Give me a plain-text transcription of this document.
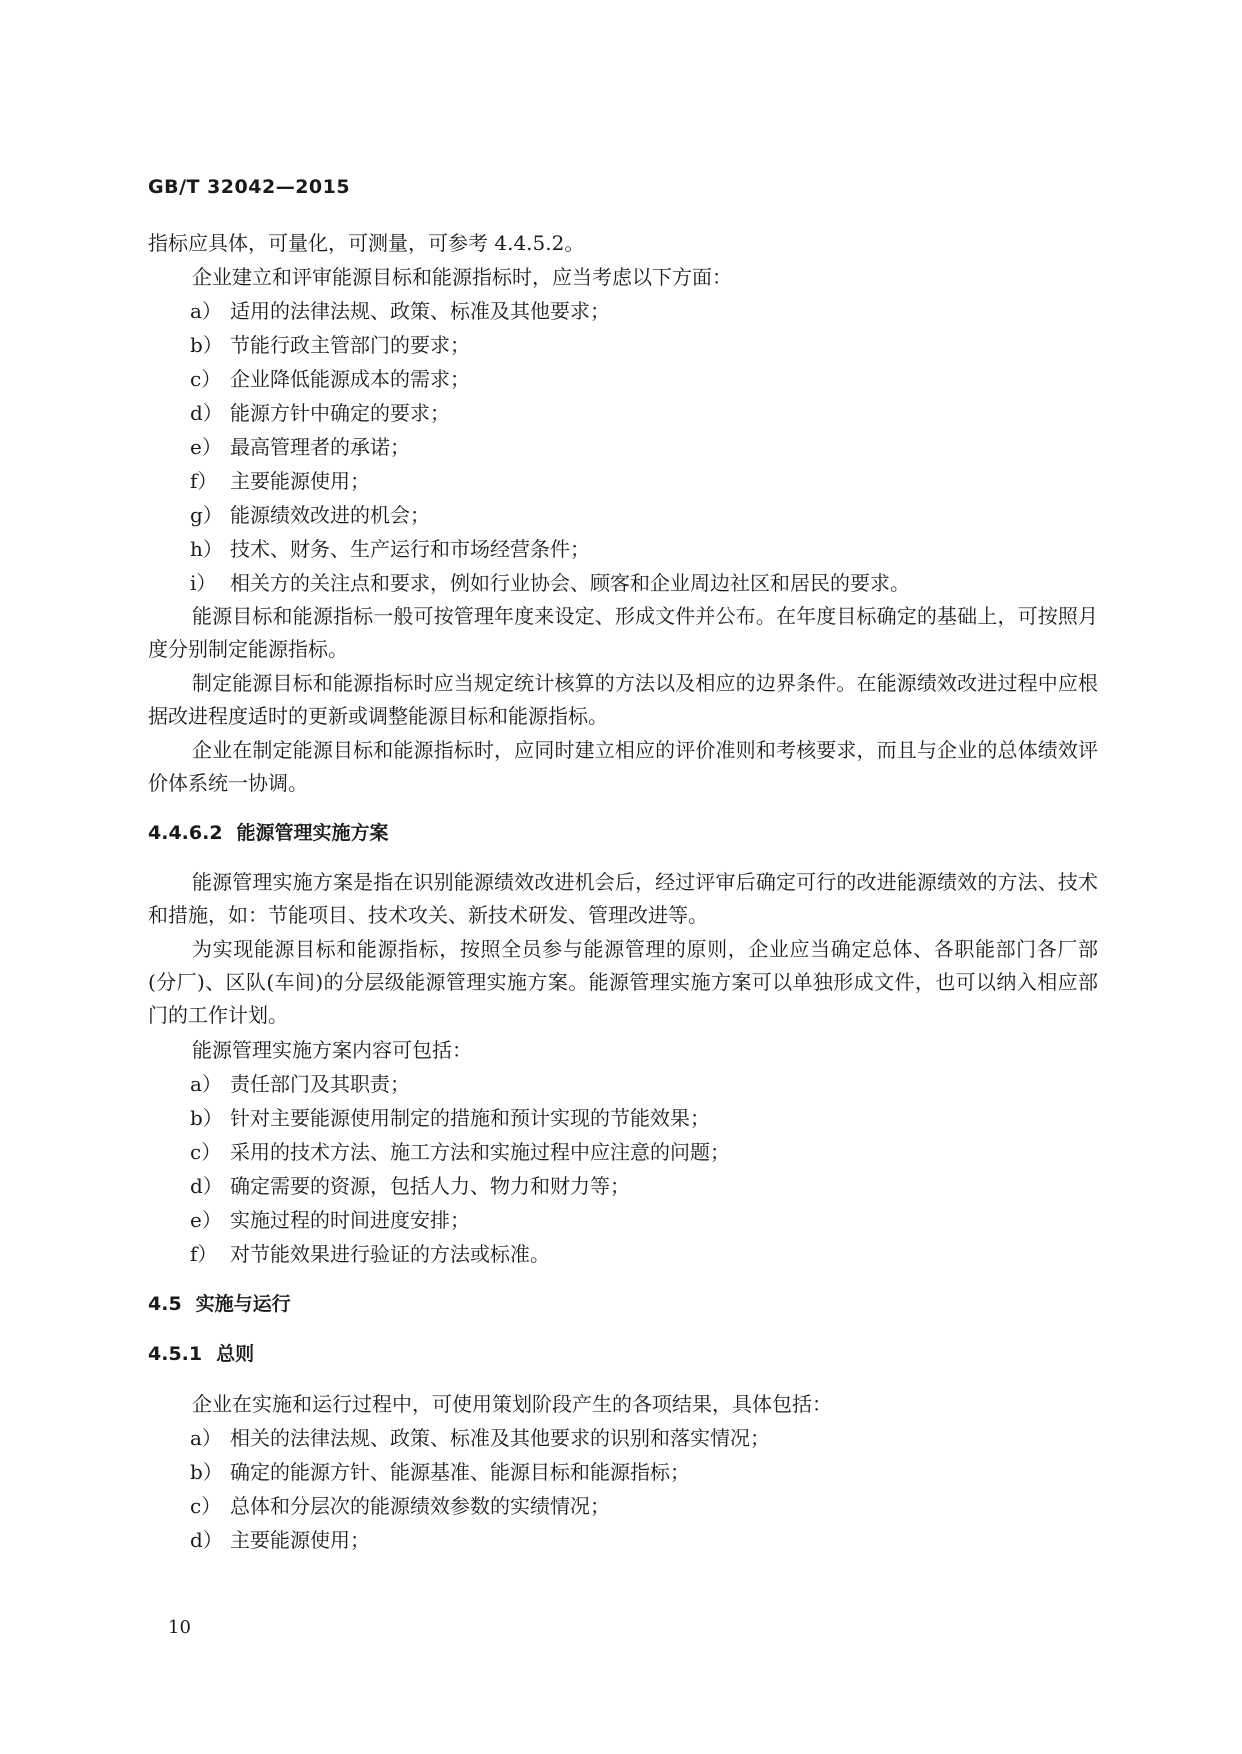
GB/T 32042—2015
指标应具体，可量化，可测量，可参考 4.4.5.2。
企业建立和评审能源目标和能源指标时，应当考虑以下方面：
a） 适用的法律法规、政策、标准及其他要求；
b） 节能行政主管部门的要求；
c） 企业降低能源成本的需求；
d） 能源方针中确定的要求；
e） 最高管理者的承诺；
f） 主要能源使用；
g） 能源绩效改进的机会；
h） 技术、财务、生产运行和市场经营条件；
i） 相关方的关注点和要求，例如行业协会、顾客和企业周边社区和居民的要求。
能源目标和能源指标一般可按管理年度来设定、形成文件并公布。在年度目标确定的基础上，可按照月度分别制定能源指标。
制定能源目标和能源指标时应当规定统计核算的方法以及相应的边界条件。在能源绩效改进过程中应根据改进程度适时的更新或调整能源目标和能源指标。
企业在制定能源目标和能源指标时，应同时建立相应的评价准则和考核要求，而且与企业的总体绩效评价体系统一协调。
4.4.6.2 能源管理实施方案
能源管理实施方案是指在识别能源绩效改进机会后，经过评审后确定可行的改进能源绩效的方法、技术和措施，如：节能项目、技术攻关、新技术研发、管理改进等。
为实现能源目标和能源指标，按照全员参与能源管理的原则，企业应当确定总体、各职能部门各厂部(分厂)、区队(车间)的分层级能源管理实施方案。能源管理实施方案可以单独形成文件，也可以纳入相应部门的工作计划。
能源管理实施方案内容可包括：
a） 责任部门及其职责；
b） 针对主要能源使用制定的措施和预计实现的节能效果；
c） 采用的技术方法、施工方法和实施过程中应注意的问题；
d） 确定需要的资源，包括人力、物力和财力等；
e） 实施过程的时间进度安排；
f） 对节能效果进行验证的方法或标准。
4.5 实施与运行
4.5.1 总则
企业在实施和运行过程中，可使用策划阶段产生的各项结果，具体包括：
a） 相关的法律法规、政策、标准及其他要求的识别和落实情况；
b） 确定的能源方针、能源基准、能源目标和能源指标；
c） 总体和分层次的能源绩效参数的实绩情况；
d） 主要能源使用；
10
